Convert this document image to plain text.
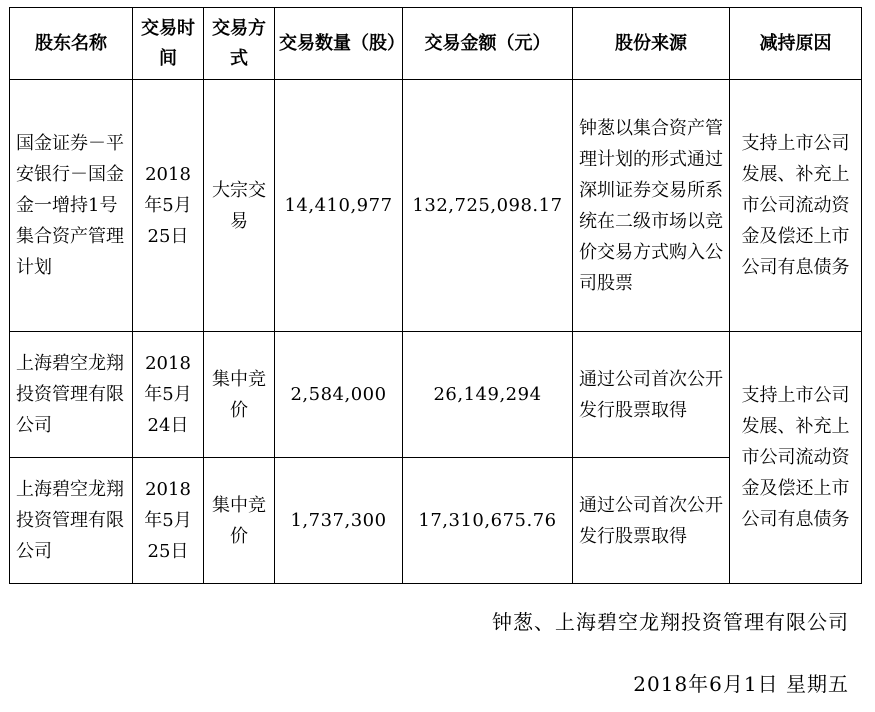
股东名称	交易时间	交易方式	交易数量（股）	交易金额（元）	股份来源	减持原因
国金证券－平安银行－国金金一增持1号集合资产管理计划	2018年5月25日	大宗交易	14,410,977	132,725,098.17	钟葱以集合资产管理计划的形式通过深圳证券交易所系统在二级市场以竞价交易方式购入公司股票	支持上市公司发展、补充上市公司流动资金及偿还上市公司有息债务
上海碧空龙翔投资管理有限公司	2018年5月24日	集中竞价	2,584,000	26,149,294	通过公司首次公开发行股票取得	支持上市公司发展、补充上市公司流动资金及偿还上市公司有息债务
上海碧空龙翔投资管理有限公司	2018年5月25日	集中竞价	1,737,300	17,310,675.76	通过公司首次公开发行股票取得	
钟葱、上海碧空龙翔投资管理有限公司
2018年6月1日 星期五
